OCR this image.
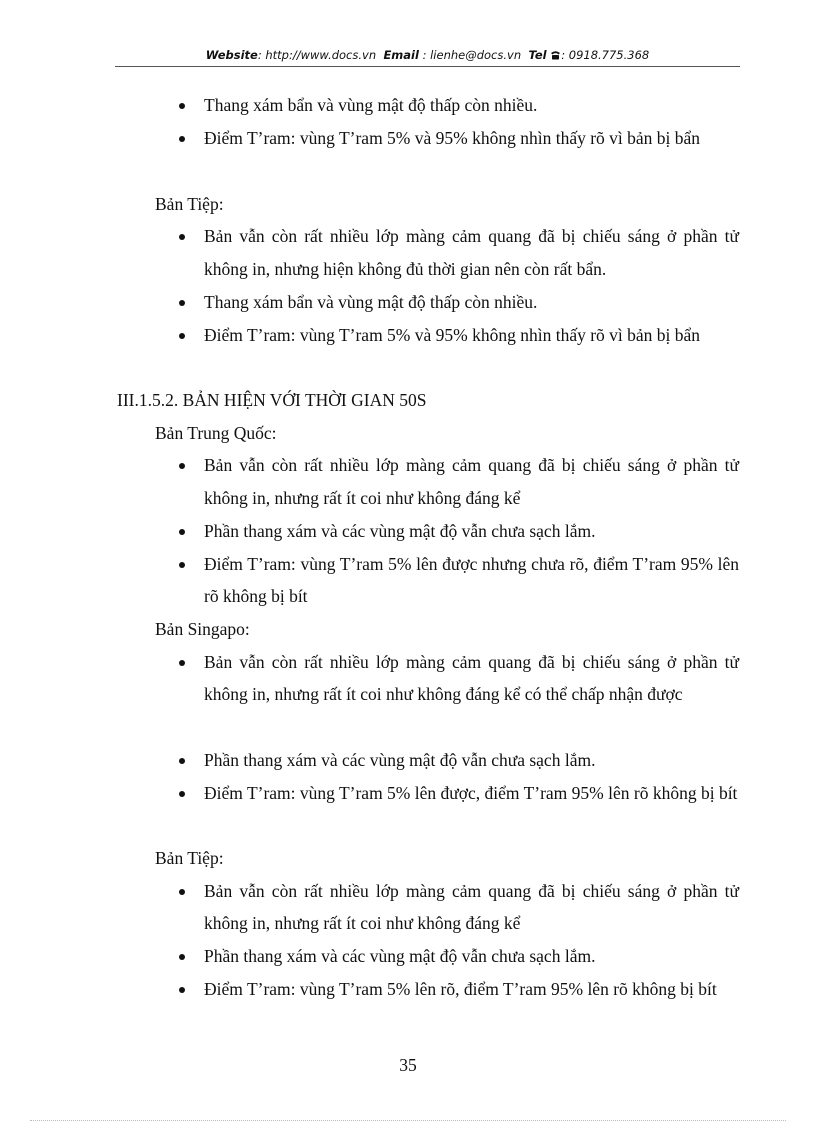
Website: http://www.docs.vn Email : lienhe@docs.vn Tel : 0918.775.368
Thang xám bẩn và vùng mật độ thấp còn nhiều.
Điểm T’ram: vùng T’ram 5% và 95% không nhìn thấy rõ vì bản bị bẩn
Bản Tiệp:
Bản vẫn còn rất nhiều lớp màng cảm quang đã bị chiếu sáng ở phần tử không in, nhưng hiện không đủ thời gian nên còn rất bẩn.
Thang xám bẩn và vùng mật độ thấp còn nhiều.
Điểm T’ram: vùng T’ram 5% và 95% không nhìn thấy rõ vì bản bị bẩn
III.1.5.2. BẢN HIỆN VỚI THỜI GIAN 50S
Bản Trung Quốc:
Bản vẫn còn rất nhiều lớp màng cảm quang đã bị chiếu sáng ở phần tử không in, nhưng rất ít coi như không đáng kể
Phần thang xám và các vùng mật độ vẫn chưa sạch lắm.
Điểm T’ram: vùng T’ram 5% lên được nhưng chưa rõ, điểm T’ram 95% lên rõ không bị bít
Bản Singapo:
Bản vẫn còn rất nhiều lớp màng cảm quang đã bị chiếu sáng ở phần tử không in, nhưng rất ít coi như không đáng kể có thể chấp nhận được
Phần thang xám và các vùng mật độ vẫn chưa sạch lắm.
Điểm T’ram: vùng T’ram 5% lên được, điểm T’ram 95% lên rõ không bị bít
Bản Tiệp:
Bản vẫn còn rất nhiều lớp màng cảm quang đã bị chiếu sáng ở phần tử không in, nhưng rất ít coi như không đáng kể
Phần thang xám và các vùng mật độ vẫn chưa sạch lắm.
Điểm T’ram: vùng T’ram 5% lên rõ, điểm T’ram 95% lên rõ không bị bít
35
